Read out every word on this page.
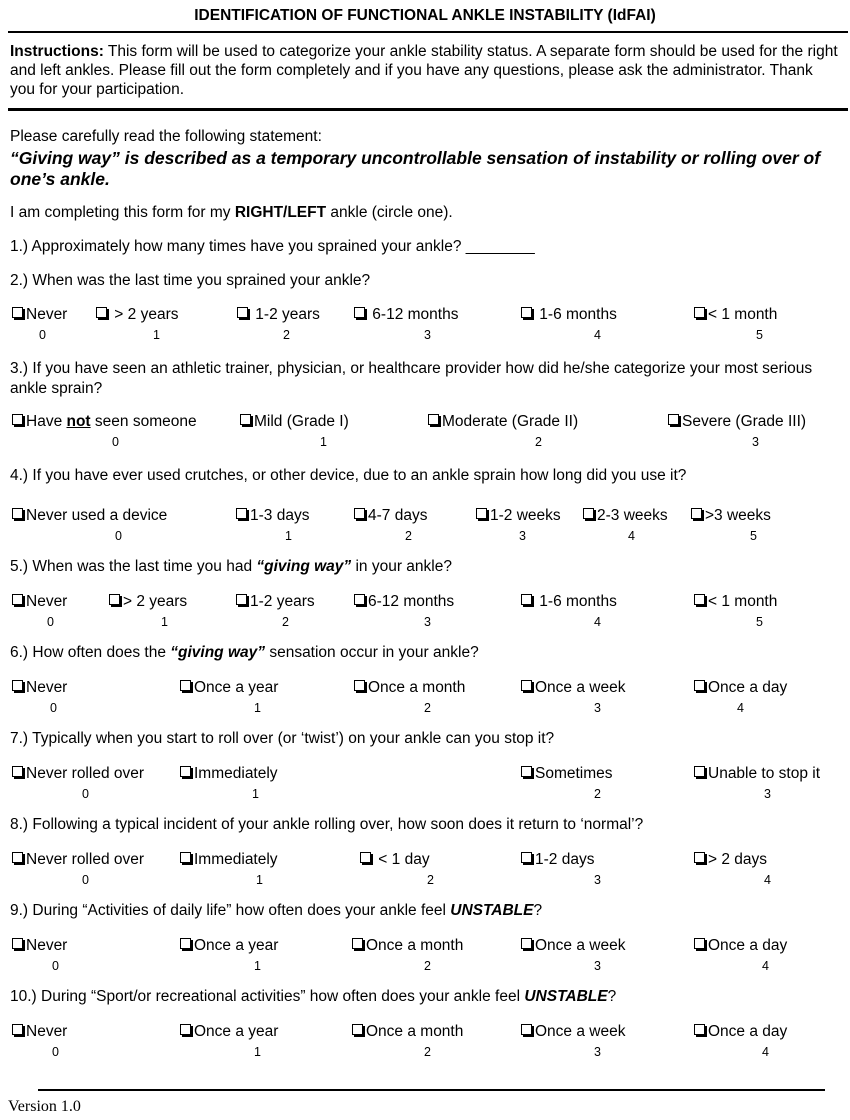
IDENTIFICATION OF FUNCTIONAL ANKLE INSTABILITY (IdFAI)
Instructions: This form will be used to categorize your ankle stability status. A separate form should be used for the right and left ankles. Please fill out the form completely and if you have any questions, please ask the administrator. Thank you for your participation.
Please carefully read the following statement:
“Giving way” is described as a temporary uncontrollable sensation of instability or rolling over of one’s ankle.
I am completing this form for my RIGHT/LEFT ankle (circle one).
1.) Approximately how many times have you sprained your ankle? ________
2.) When was the last time you sprained your ankle?
3.) If you have seen an athletic trainer, physician, or healthcare provider how did he/she categorize your most serious ankle sprain?
4.) If you have ever used crutches, or other device, due to an ankle sprain how long did you use it?
5.) When was the last time you had “giving way” in your ankle?
6.) How often does the “giving way” sensation occur in your ankle?
7.) Typically when you start to roll over (or ‘twist’) on your ankle can you stop it?
8.) Following a typical incident of your ankle rolling over, how soon does it return to ‘normal’?
9.) During “Activities of daily life” how often does your ankle feel UNSTABLE?
10.) During “Sport/or recreational activities” how often does your ankle feel UNSTABLE?
Have not seen someone
0
Version 1.0
Never
0
> 2 years
1
1-2 years
2
6-12 months
3
1-6 months
4
< 1 month
5
Mild (Grade I)
1
Moderate (Grade II)
2
Severe (Grade III)
3
Never used a device
0
1-3 days
1
4-7 days
2
1-2 weeks
3
2-3 weeks
4
>3 weeks
5
Never
0
> 2 years
1
1-2 years
2
6-12 months
3
1-6 months
4
< 1 month
5
Never
0
Once a year
1
Once a month
2
Once a week
3
Once a day
4
Never rolled over
0
Immediately
1
Sometimes
2
Unable to stop it
3
Never rolled over
0
Immediately
1
< 1 day
2
1-2 days
3
> 2 days
4
Never
0
Once a year
1
Once a month
2
Once a week
3
Once a day
4
Never
0
Once a year
1
Once a month
2
Once a week
3
Once a day
4
